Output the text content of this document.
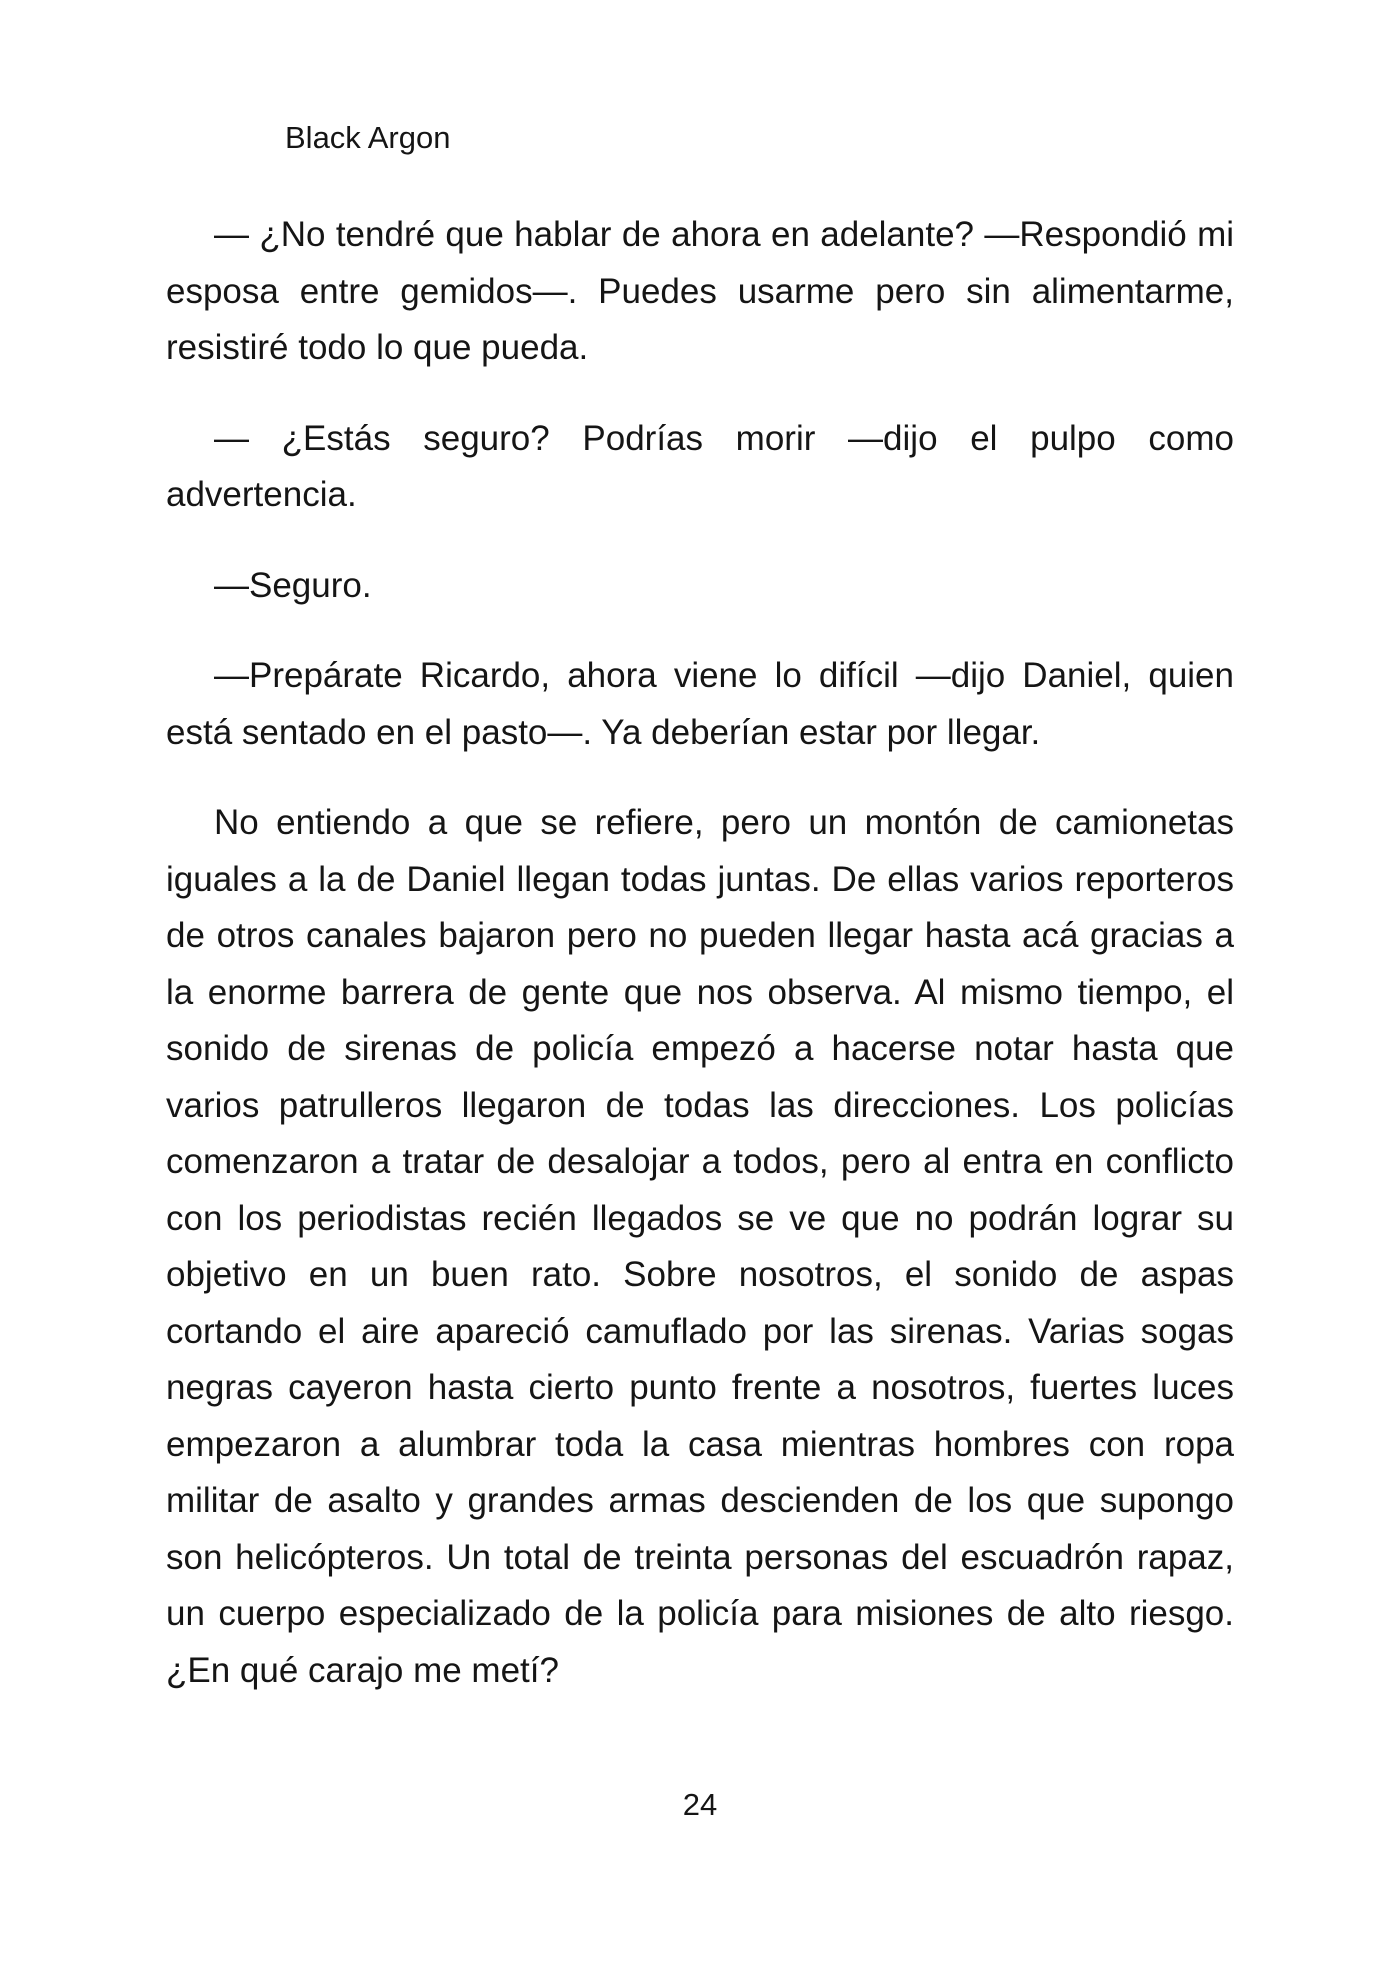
Black Argon

— ¿No tendré que hablar de ahora en adelante? —Respondió mi esposa entre gemidos—. Puedes usarme pero sin alimentarme, resistiré todo lo que pueda.

— ¿Estás seguro? Podrías morir —dijo el pulpo como advertencia.

—Seguro.

—Prepárate Ricardo, ahora viene lo difícil —dijo Daniel, quien está sentado en el pasto—. Ya deberían estar por llegar.

No entiendo a que se refiere, pero un montón de camionetas iguales a la de Daniel llegan todas juntas. De ellas varios reporteros de otros canales bajaron pero no pueden llegar hasta acá gracias a la enorme barrera de gente que nos observa. Al mismo tiempo, el sonido de sirenas de policía empezó a hacerse notar hasta que varios patrulleros llegaron de todas las direcciones. Los policías comenzaron a tratar de desalojar a todos, pero al entra en conflicto con los periodistas recién llegados se ve que no podrán lograr su objetivo en un buen rato. Sobre nosotros, el sonido de aspas cortando el aire apareció camuflado por las sirenas. Varias sogas negras cayeron hasta cierto punto frente a nosotros, fuertes luces empezaron a alumbrar toda la casa mientras hombres con ropa militar de asalto y grandes armas descienden de los que supongo son helicópteros. Un total de treinta personas del escuadrón rapaz, un cuerpo especializado de la policía para misiones de alto riesgo. ¿En qué carajo me metí?

24
